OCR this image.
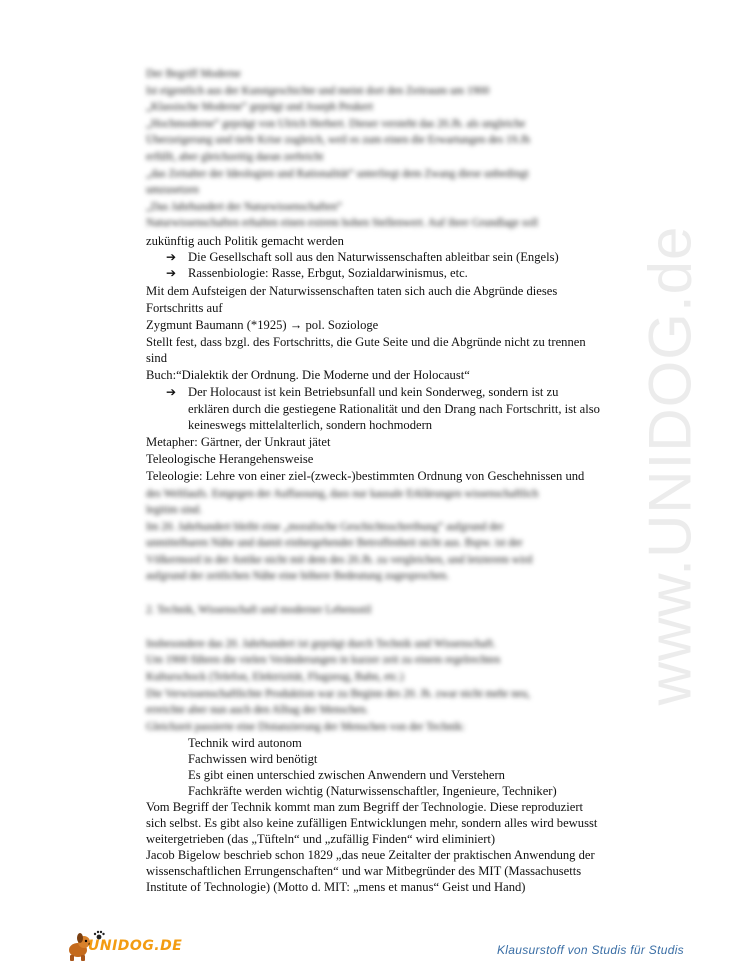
www.UNIDOG.de
Der Begriff Moderne
Ist eigentlich aus der Kunstgeschichte und meint dort den Zeitraum um 1900
„Klassische Moderne“ geprägt und Joseph Peukert
„Hochmoderne“ geprägt von Ulrich Herbert. Dieser versteht das 20.Jh. als ungleiche
Überzeigerung und tiefe Krise zugleich, weil es zum einen die Erwartungen des 19.Jh
erfüllt, aber gleichzeitig daran zerbricht
„das Zeitalter der Ideologien und Rationalität“ unterliegt dem Zwang diese unbedingt
umzusetzen
„Das Jahrhundert der Naturwissenschaften“
Naturwissenschaften erhalten einen extrem hohen Stellenwert. Auf ihrer Grundlage soll
zukünftig auch Politik gemacht werden
➔ Die Gesellschaft soll aus den Naturwissenschaften ableitbar sein (Engels)
➔ Rassenbiologie: Rasse, Erbgut, Sozialdarwinismus, etc.
Mit dem Aufsteigen der Naturwissenschaften taten sich auch die Abgründe dieses
Fortschritts auf
Zygmunt Baumann (*1925) → pol. Soziologe
Stellt fest, dass bzgl. des Fortschritts, die Gute Seite und die Abgründe nicht zu trennen
sind
Buch:“Dialektik der Ordnung. Die Moderne und der Holocaust“
➔ Der Holocaust ist kein Betriebsunfall und kein Sonderweg, sondern ist zu
erklären durch die gestiegene Rationalität und den Drang nach Fortschritt, ist also
keineswegs mittelalterlich, sondern hochmodern
Metapher: Gärtner, der Unkraut jätet
Teleologische Herangehensweise
Teleologie: Lehre von einer ziel-(zweck-)bestimmten Ordnung von Geschehnissen und
des Weltlaufs. Entgegen der Auffassung, dass nur kausale Erklärungen wissenschaftlich
legitim sind.
Im 20. Jahrhundert bleibt eine „moralische Geschichtsschreibung“ aufgrund der
unmittelbaren Nähe und damit einhergehender Betroffenheit nicht aus. Bspw. ist der
Völkermord in der Antike nicht mit dem des 20.Jh. zu vergleichen, und letzterem wird
aufgrund der zeitlichen Nähe eine höhere Bedeutung zugesprochen.
2. Technik, Wissenschaft und moderner Lebensstil
Insbesondere das 20. Jahrhundert ist geprägt durch Technik und Wissenschaft.
Um 1900 führen die vielen Veränderungen in kurzer zeit zu einem regelrechten
Kulturschock (Telefon, Elektrizität, Flugzeug, Bahn, etc.)
Die Verwissenschaftlichte Produktion war zu Beginn des 20. Jh. zwar nicht mehr neu,
erreichte aber nun auch den Alltag der Menschen.
Gleichzeit passierte eine Distanzierung der Menschen von der Technik:
Technik wird autonom
Fachwissen wird benötigt
Es gibt einen unterschied zwischen Anwendern und Verstehern
Fachkräfte werden wichtig (Naturwissenschaftler, Ingenieure, Techniker)
Vom Begriff der Technik kommt man zum Begriff der Technologie. Diese reproduziert
sich selbst. Es gibt also keine zufälligen Entwicklungen mehr, sondern alles wird bewusst
weitergetrieben (das „Tüfteln“ und „zufällig Finden“ wird eliminiert)
Jacob Bigelow beschrieb schon 1829 „das neue Zeitalter der praktischen Anwendung der
wissenschaftlichen Errungenschaften“ und war Mitbegründer des MIT (Massachusetts
Institute of Technologie) (Motto d. MIT: „mens et manus“ Geist und Hand)
UNIDOG.DE	Klausurstoff von Studis für Studis
